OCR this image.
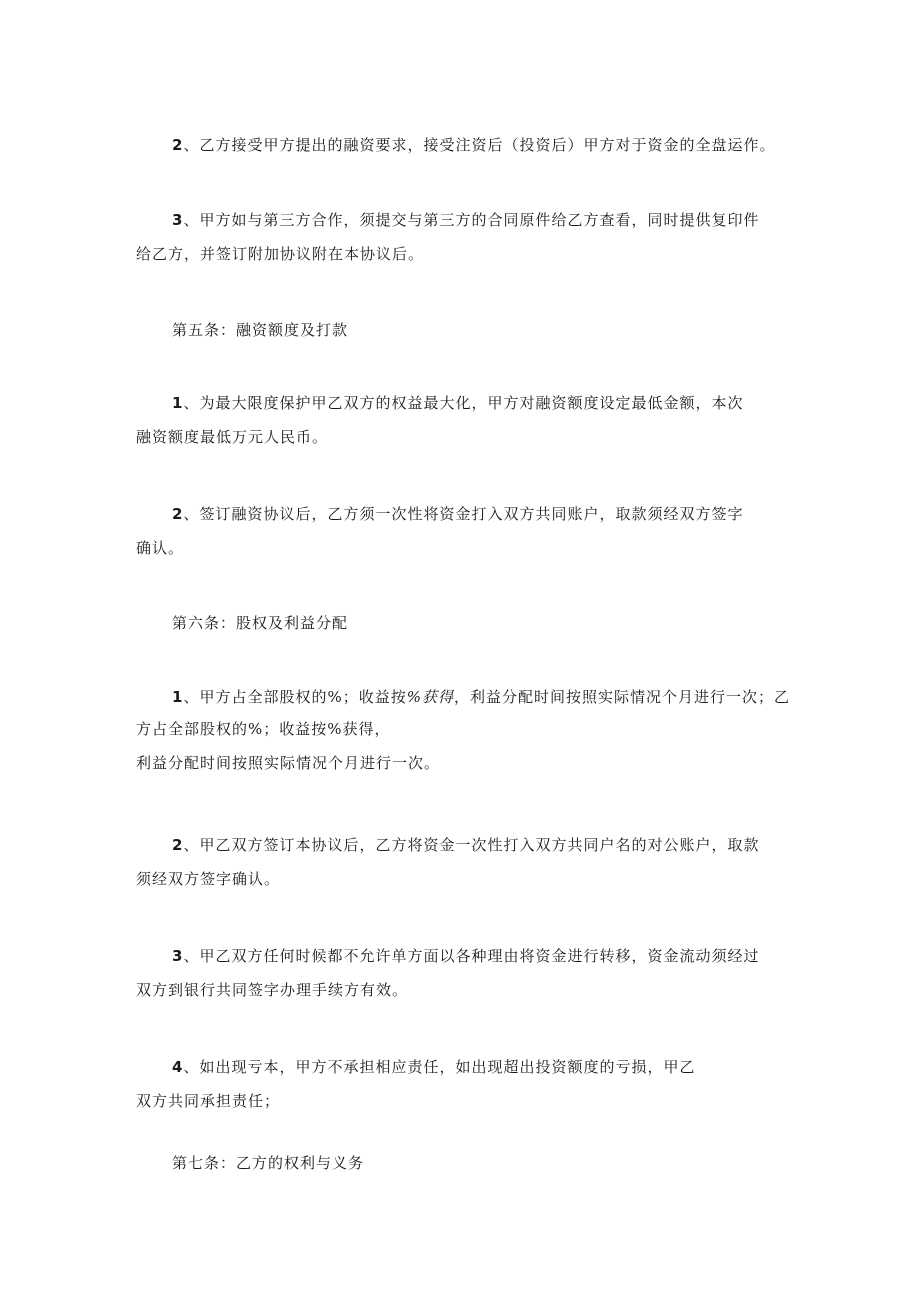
2、乙方接受甲方提出的融资要求，接受注资后（投资后）甲方对于资金的全盘运作。

3、甲方如与第三方合作，须提交与第三方的合同原件给乙方查看，同时提供复印件
给乙方，并签订附加协议附在本协议后。

第五条：融资额度及打款

1、为最大限度保护甲乙双方的权益最大化，甲方对融资额度设定最低金额，本次
融资额度最低万元人民币。

2、签订融资协议后，乙方须一次性将资金打入双方共同账户，取款须经双方签字
确认。

第六条：股权及利益分配

1、甲方占全部股权的%；收益按%获得，利益分配时间按照实际情况个月进行一次；乙
方占全部股权的%；收益按%获得，
利益分配时间按照实际情况个月进行一次。

2、甲乙双方签订本协议后，乙方将资金一次性打入双方共同户名的对公账户，取款
须经双方签字确认。

3、甲乙双方任何时候都不允许单方面以各种理由将资金进行转移，资金流动须经过
双方到银行共同签字办理手续方有效。

4、如出现亏本，甲方不承担相应责任，如出现超出投资额度的亏损，甲乙
双方共同承担责任；

第七条：乙方的权利与义务
